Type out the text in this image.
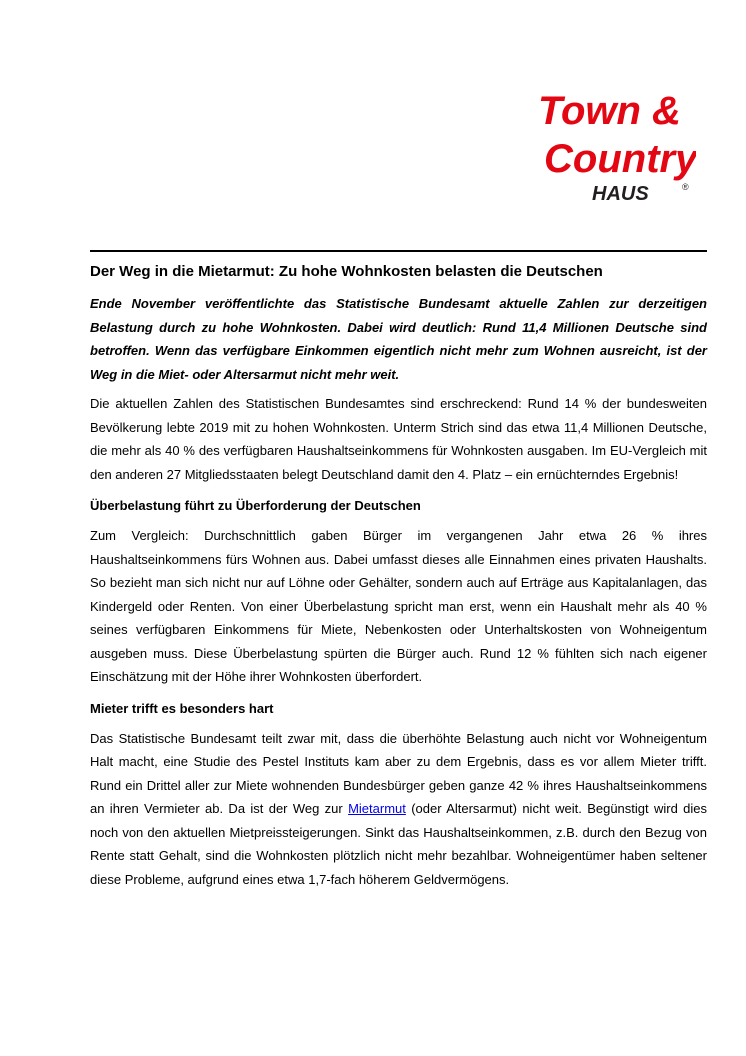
Town &
Country
HAUS	®
Der Weg in die Mietarmut: Zu hohe Wohnkosten belasten die Deutschen

Ende November veröffentlichte das Statistische Bundesamt aktuelle Zahlen zur derzeitigen Belastung durch zu hohe Wohnkosten. Dabei wird deutlich: Rund 11,4 Millionen Deutsche sind betroffen. Wenn das verfügbare Einkommen eigentlich nicht mehr zum Wohnen ausreicht, ist der Weg in die Miet- oder Altersarmut nicht mehr weit.

Die aktuellen Zahlen des Statistischen Bundesamtes sind erschreckend: Rund 14 % der bundesweiten Bevölkerung lebte 2019 mit zu hohen Wohnkosten. Unterm Strich sind das etwa 11,4 Millionen Deutsche, die mehr als 40 % des verfügbaren Haushaltseinkommens für Wohnkosten ausgaben. Im EU-Vergleich mit den anderen 27 Mitgliedsstaaten belegt Deutschland damit den 4. Platz – ein ernüchterndes Ergebnis!

Überbelastung führt zu Überforderung der Deutschen

Zum Vergleich: Durchschnittlich gaben Bürger im vergangenen Jahr etwa 26 % ihres Haushaltseinkommens fürs Wohnen aus. Dabei umfasst dieses alle Einnahmen eines privaten Haushalts. So bezieht man sich nicht nur auf Löhne oder Gehälter, sondern auch auf Erträge aus Kapitalanlagen, das Kindergeld oder Renten. Von einer Überbelastung spricht man erst, wenn ein Haushalt mehr als 40 % seines verfügbaren Einkommens für Miete, Nebenkosten oder Unterhaltskosten von Wohneigentum ausgeben muss. Diese Überbelastung spürten die Bürger auch. Rund 12 % fühlten sich nach eigener Einschätzung mit der Höhe ihrer Wohnkosten überfordert.

Mieter trifft es besonders hart

Das Statistische Bundesamt teilt zwar mit, dass die überhöhte Belastung auch nicht vor Wohneigentum Halt macht, eine Studie des Pestel Instituts kam aber zu dem Ergebnis, dass es vor allem Mieter trifft. Rund ein Drittel aller zur Miete wohnenden Bundesbürger geben ganze 42 % ihres Haushaltseinkommens an ihren Vermieter ab. Da ist der Weg zur Mietarmut (oder Altersarmut) nicht weit. Begünstigt wird dies noch von den aktuellen Mietpreissteigerungen. Sinkt das Haushaltseinkommen, z.B. durch den Bezug von Rente statt Gehalt, sind die Wohnkosten plötzlich nicht mehr bezahlbar. Wohneigentümer haben seltener diese Probleme, aufgrund eines etwa 1,7-fach höherem Geldvermögens.
